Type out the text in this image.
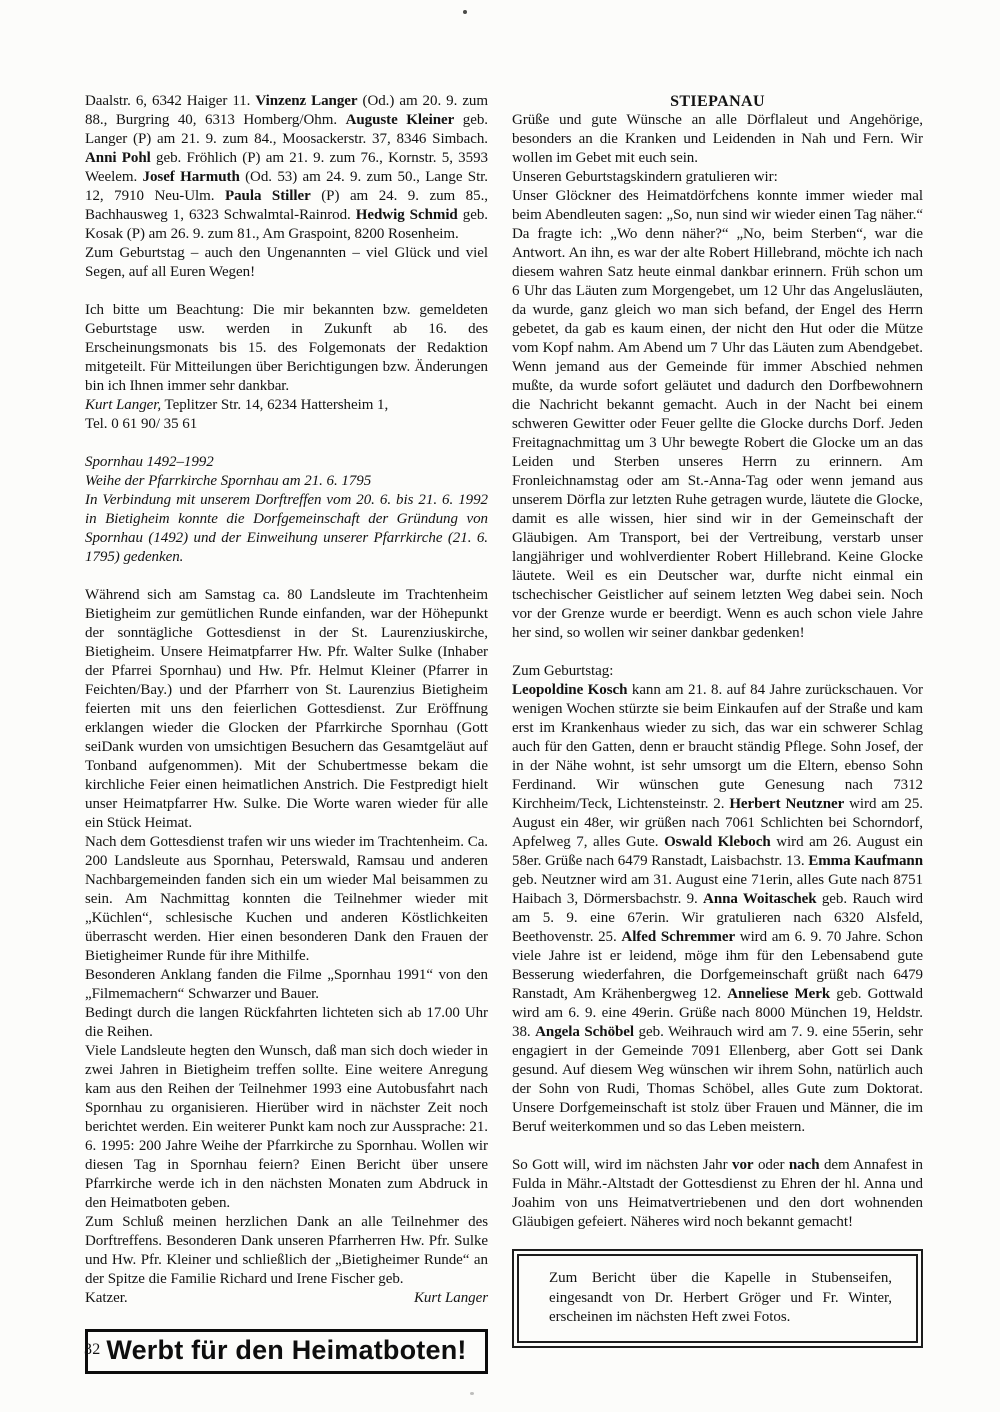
Daalstr. 6, 6342 Haiger 11. Vinzenz Langer (Od.) am 20. 9. zum 88., Burgring 40, 6313 Homberg/Ohm. Auguste Kleiner geb. Langer (P) am 21. 9. zum 84., Moosackerstr. 37, 8346 Simbach. Anni Pohl geb. Fröhlich (P) am 21. 9. zum 76., Kornstr. 5, 3593 Weelem. Josef Harmuth (Od. 53) am 24. 9. zum 50., Lange Str. 12, 7910 Neu-Ulm. Paula Stiller (P) am 24. 9. zum 85., Bachhausweg 1, 6323 Schwalmtal-Rainrod. Hedwig Schmid geb. Kosak (P) am 26. 9. zum 81., Am Graspoint, 8200 Rosenheim.

Zum Geburtstag – auch den Ungenannten – viel Glück und viel Segen, auf all Euren Wegen!

Ich bitte um Beachtung: Die mir bekannten bzw. gemeldeten Geburtstage usw. werden in Zukunft ab 16. des Erscheinungsmonats bis 15. des Folgemonats der Redaktion mitgeteilt. Für Mitteilungen über Berichtigungen bzw. Änderungen bin ich Ihnen immer sehr dankbar.

Kurt Langer, Teplitzer Str. 14, 6234 Hattersheim 1,

Tel. 0 61 90/ 35 61

Spornhau 1492–1992

Weihe der Pfarrkirche Spornhau am 21. 6. 1795

In Verbindung mit unserem Dorftreffen vom 20. 6. bis 21. 6. 1992 in Bietigheim konnte die Dorfgemeinschaft der Gründung von Spornhau (1492) und der Einweihung unserer Pfarrkirche (21. 6. 1795) gedenken.

Während sich am Samstag ca. 80 Landsleute im Trachtenheim Bietigheim zur gemütlichen Runde einfanden, war der Höhepunkt der sonntägliche Gottesdienst in der St. Laurenziuskirche, Bietigheim. Unsere Heimatpfarrer Hw. Pfr. Walter Sulke (Inhaber der Pfarrei Spornhau) und Hw. Pfr. Helmut Kleiner (Pfarrer in Feichten/Bay.) und der Pfarrherr von St. Laurenzius Bietigheim feierten mit uns den feierlichen Gottesdienst. Zur Eröffnung erklangen wieder die Glocken der Pfarrkirche Spornhau (Gott seiDank wurden von umsichtigen Besuchern das Gesamtgeläut auf Tonband aufgenommen). Mit der Schubertmesse bekam die kirchliche Feier einen heimatlichen Anstrich. Die Festpredigt hielt unser Heimatpfarrer Hw. Sulke. Die Worte waren wieder für alle ein Stück Heimat.

Nach dem Gottesdienst trafen wir uns wieder im Trachtenheim. Ca. 200 Landsleute aus Spornhau, Peterswald, Ramsau und anderen Nachbargemeinden fanden sich ein um wieder Mal beisammen zu sein. Am Nachmittag konnten die Teilnehmer wieder mit „Küchlen“, schlesische Kuchen und anderen Köstlichkeiten überrascht werden. Hier einen besonderen Dank den Frauen der Bietigheimer Runde für ihre Mithilfe.

Besonderen Anklang fanden die Filme „Spornhau 1991“ von den „Filmemachern“ Schwarzer und Bauer.

Bedingt durch die langen Rückfahrten lichteten sich ab 17.00 Uhr die Reihen.

Viele Landsleute hegten den Wunsch, daß man sich doch wieder in zwei Jahren in Bietigheim treffen sollte. Eine weitere Anregung kam aus den Reihen der Teilnehmer 1993 eine Autobusfahrt nach Spornhau zu organisieren. Hierüber wird in nächster Zeit noch berichtet werden. Ein weiterer Punkt kam noch zur Aussprache: 21. 6. 1995: 200 Jahre Weihe der Pfarrkirche zu Spornhau. Wollen wir diesen Tag in Spornhau feiern? Einen Bericht über unsere Pfarrkirche werde ich in den nächsten Monaten zum Abdruck in den Heimatboten geben.

Zum Schluß meinen herzlichen Dank an alle Teilnehmer des Dorftreffens. Besonderen Dank unseren Pfarrherren Hw. Pfr. Sulke und Hw. Pfr. Kleiner und schließlich der „Bietigheimer Runde“ an der Spitze die Familie Richard und Irene Fischer geb.

Katzer.	Kurt Langer

Werbt für den Heimatboten!

STIEPANAU

Grüße und gute Wünsche an alle Dörflaleut und Angehörige, besonders an die Kranken und Leidenden in Nah und Fern. Wir wollen im Gebet mit euch sein.

Unseren Geburtstagskindern gratulieren wir:

Unser Glöckner des Heimatdörfchens konnte immer wieder mal beim Abendleuten sagen: „So, nun sind wir wieder einen Tag näher.“ Da fragte ich: „Wo denn näher?“ „No, beim Sterben“, war die Antwort. An ihn, es war der alte Robert Hillebrand, möchte ich nach diesem wahren Satz heute einmal dankbar erinnern. Früh schon um 6 Uhr das Läuten zum Morgengebet, um 12 Uhr das Angelusläuten, da wurde, ganz gleich wo man sich befand, der Engel des Herrn gebetet, da gab es kaum einen, der nicht den Hut oder die Mütze vom Kopf nahm. Am Abend um 7 Uhr das Läuten zum Abendgebet. Wenn jemand aus der Gemeinde für immer Abschied nehmen mußte, da wurde sofort geläutet und dadurch den Dorfbewohnern die Nachricht bekannt gemacht. Auch in der Nacht bei einem schweren Gewitter oder Feuer gellte die Glocke durchs Dorf. Jeden Freitagnachmittag um 3 Uhr bewegte Robert die Glocke um an das Leiden und Sterben unseres Herrn zu erinnern. Am Fronleichnamstag oder am St.-Anna-Tag oder wenn jemand aus unserem Dörfla zur letzten Ruhe getragen wurde, läutete die Glocke, damit es alle wissen, hier sind wir in der Gemeinschaft der Gläubigen. Am Transport, bei der Vertreibung, verstarb unser langjähriger und wohlverdienter Robert Hillebrand. Keine Glocke läutete. Weil es ein Deutscher war, durfte nicht einmal ein tschechischer Geistlicher auf seinem letzten Weg dabei sein. Noch vor der Grenze wurde er beerdigt. Wenn es auch schon viele Jahre her sind, so wollen wir seiner dankbar gedenken!

Zum Geburtstag:

Leopoldine Kosch kann am 21. 8. auf 84 Jahre zurückschauen. Vor wenigen Wochen stürzte sie beim Einkaufen auf der Straße und kam erst im Krankenhaus wieder zu sich, das war ein schwerer Schlag auch für den Gatten, denn er braucht ständig Pflege. Sohn Josef, der in der Nähe wohnt, ist sehr umsorgt um die Eltern, ebenso Sohn Ferdinand. Wir wünschen gute Genesung nach 7312 Kirchheim/Teck, Lichtensteinstr. 2. Herbert Neutzner wird am 25. August ein 48er, wir grüßen nach 7061 Schlichten bei Schorndorf, Apfelweg 7, alles Gute. Oswald Kleboch wird am 26. August ein 58er. Grüße nach 6479 Ranstadt, Laisbachstr. 13. Emma Kaufmann geb. Neutzner wird am 31. August eine 71erin, alles Gute nach 8751 Haibach 3, Dörmersbachstr. 9. Anna Woitaschek geb. Rauch wird am 5. 9. eine 67erin. Wir gratulieren nach 6320 Alsfeld, Beethovenstr. 25. Alfed Schremmer wird am 6. 9. 70 Jahre. Schon viele Jahre ist er leidend, möge ihm für den Lebensabend gute Besserung wiederfahren, die Dorfgemeinschaft grüßt nach 6479 Ranstadt, Am Krähenbergweg 12. Anneliese Merk geb. Gottwald wird am 6. 9. eine 49erin. Grüße nach 8000 München 19, Heldstr. 38. Angela Schöbel geb. Weihrauch wird am 7. 9. eine 55erin, sehr engagiert in der Gemeinde 7091 Ellenberg, aber Gott sei Dank gesund. Auf diesem Weg wünschen wir ihrem Sohn, natürlich auch der Sohn von Rudi, Thomas Schöbel, alles Gute zum Doktorat. Unsere Dorfgemeinschaft ist stolz über Frauen und Männer, die im Beruf weiterkommen und so das Leben meistern.

So Gott will, wird im nächsten Jahr vor oder nach dem Annafest in Fulda in Mähr.-Altstadt der Gottesdienst zu Ehren der hl. Anna und Joahim von uns Heimatvertriebenen und den dort wohnenden Gläubigen gefeiert. Näheres wird noch bekannt gemacht!

Zum Bericht über die Kapelle in Stubenseifen, eingesandt von Dr. Herbert Gröger und Fr. Winter, erscheinen im nächsten Heft zwei Fotos.
32
